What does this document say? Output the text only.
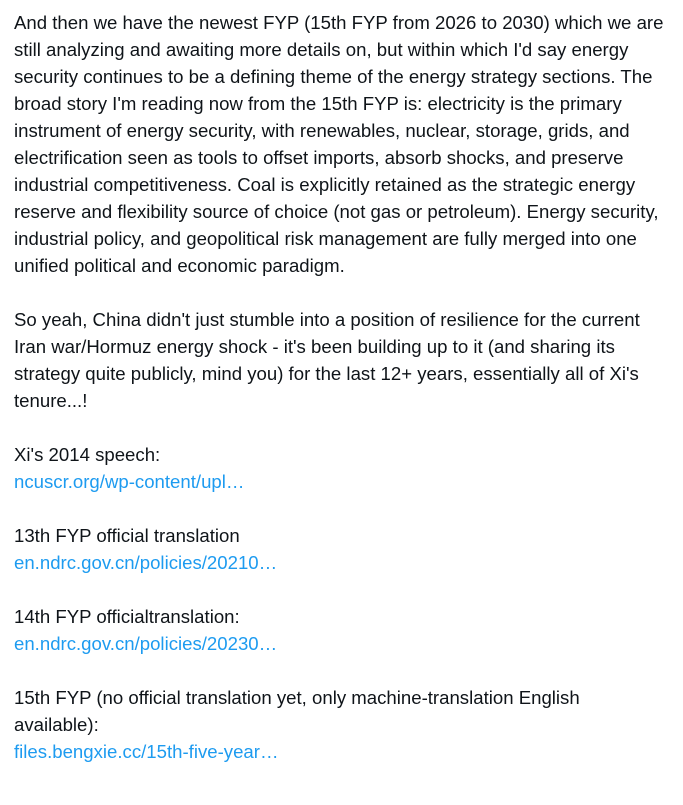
And then we have the newest FYP (15th FYP from 2026 to 2030) which we are still analyzing and awaiting more details on, but within which I'd say energy security continues to be a defining theme of the energy strategy sections. The broad story I'm reading now from the 15th FYP is: electricity is the primary instrument of energy security, with renewables, nuclear, storage, grids, and electrification seen as tools to offset imports, absorb shocks, and preserve industrial competitiveness. Coal is explicitly retained as the strategic energy reserve and flexibility source of choice (not gas or petroleum). Energy security, industrial policy, and geopolitical risk management are fully merged into one unified political and economic paradigm.

So yeah, China didn't just stumble into a position of resilience for the current Iran war/Hormuz energy shock - it's been building up to it (and sharing its strategy quite publicly, mind you) for the last 12+ years, essentially all of Xi's tenure...!

Xi's 2014 speech:
ncuscr.org/wp-content/upl…
13th FYP official translation
en.ndrc.gov.cn/policies/20210…
14th FYP officialtranslation:
en.ndrc.gov.cn/policies/20230…
15th FYP (no official translation yet, only machine-translation English available):
files.bengxie.cc/15th-five-year…
